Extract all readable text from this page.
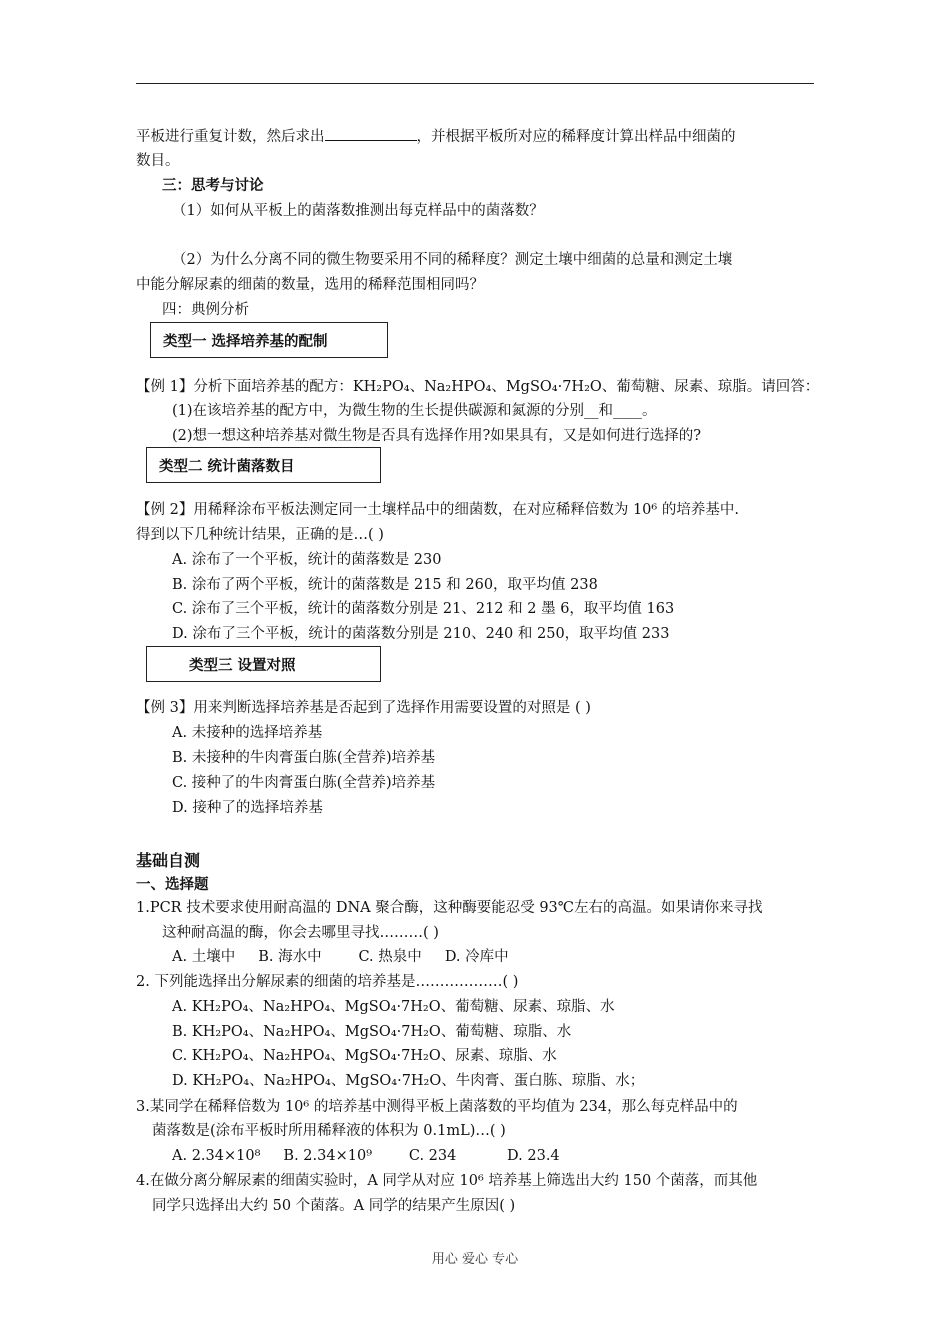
平板进行重复计数，然后求出	，并根据平板所对应的稀释度计算出样品中细菌的
数目。
三：思考与讨论
（1）如何从平板上的菌落数推测出每克样品中的菌落数？
（2）为什么分离不同的微生物要采用不同的稀释度？测定土壤中细菌的总量和测定土壤
中能分解尿素的细菌的数量，选用的稀释范围相同吗？
四：典例分析
类型一 选择培养基的配制
【例 1】分析下面培养基的配方：KH₂PO₄、Na₂HPO₄、MgSO₄·7H₂O、葡萄糖、尿素、琼脂。请回答：
(1)在该培养基的配方中，为微生物的生长提供碳源和氮源的分别__和____。
(2)想一想这种培养基对微生物是否具有选择作用?如果具有，又是如何进行选择的?
类型二 统计菌落数目
【例 2】用稀释涂布平板法测定同一土壤样品中的细菌数，在对应稀释倍数为 10⁶ 的培养基中.
得到以下几种统计结果，正确的是…( )
A. 涂布了一个平板，统计的菌落数是 230
B. 涂布了两个平板，统计的菌落数是 215 和 260，取平均值 238
C. 涂布了三个平板，统计的菌落数分别是 21、212 和 2 墨 6，取平均值 163
D. 涂布了三个平板，统计的菌落数分别是 210、240 和 250，取平均值 233
类型三 设置对照
【例 3】用来判断选择培养基是否起到了选择作用需要设置的对照是 ( )
A. 未接种的选择培养基
B. 未接种的牛肉膏蛋白胨(全营养)培养基
C. 接种了的牛肉膏蛋白胨(全营养)培养基
D. 接种了的选择培养基
基础自测
一、选择题
1.PCR 技术要求使用耐高温的 DNA 聚合酶，这种酶要能忍受 93℃左右的高温。如果请你来寻找
这种耐高温的酶，你会去哪里寻找………( )
A. 土壤中     B. 海水中        C. 热泉中     D. 冷库中
2. 下列能选择出分解尿素的细菌的培养基是………………( )
A. KH₂PO₄、Na₂HPO₄、MgSO₄·7H₂O、葡萄糖、尿素、琼脂、水
B. KH₂PO₄、Na₂HPO₄、MgSO₄·7H₂O、葡萄糖、琼脂、水
C. KH₂PO₄、Na₂HPO₄、MgSO₄·7H₂O、尿素、琼脂、水
D. KH₂PO₄、Na₂HPO₄、MgSO₄·7H₂O、牛肉膏、蛋白胨、琼脂、水；
3.某同学在稀释倍数为 10⁶ 的培养基中测得平板上菌落数的平均值为 234，那么每克样品中的
菌落数是(涂布平板时所用稀释液的体积为 0.1mL)…( )
A. 2.34×10⁸     B. 2.34×10⁹        C. 234           D. 23.4
4.在做分离分解尿素的细菌实验时，A 同学从对应 10⁶ 培养基上筛选出大约 150 个菌落，而其他
同学只选择出大约 50 个菌落。A 同学的结果产生原因( )
用心 爱心 专心
